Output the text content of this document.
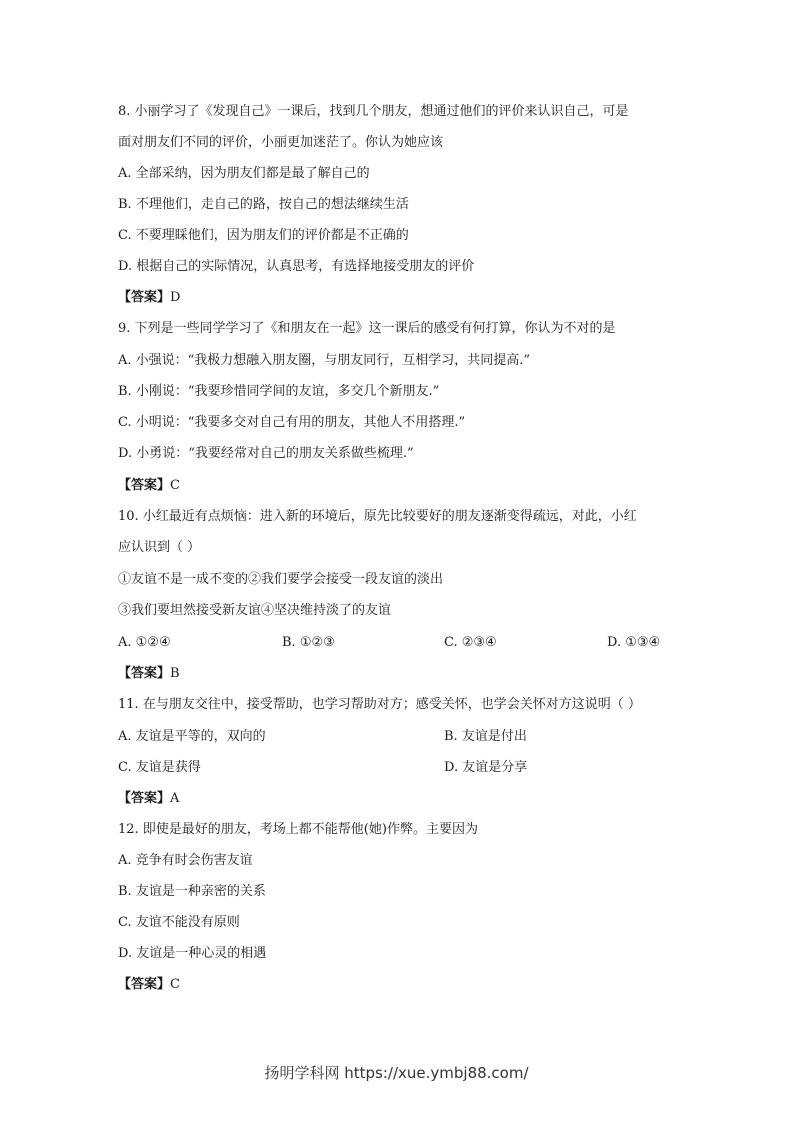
8. 小丽学习了《发现自己》一课后，找到几个朋友，想通过他们的评价来认识自己，可是
面对朋友们不同的评价，小丽更加迷茫了。你认为她应该
A. 全部采纳，因为朋友们都是最了解自己的
B. 不理他们，走自己的路，按自己的想法继续生活
C. 不要理睬他们，因为朋友们的评价都是不正确的
D. 根据自己的实际情况，认真思考，有选择地接受朋友的评价
【答案】D
9. 下列是一些同学学习了《和朋友在一起》这一课后的感受有何打算，你认为不对的是
A. 小强说：“我极力想融入朋友圈，与朋友同行，互相学习，共同提高.”
B. 小刚说：“我要珍惜同学间的友谊，多交几个新朋友.”
C. 小明说：“我要多交对自己有用的朋友，其他人不用搭理.”
D. 小勇说：“我要经常对自己的朋友关系做些梳理.”
【答案】C
10. 小红最近有点烦恼：进入新的环境后，原先比较要好的朋友逐渐变得疏远，对此，小红
应认识到（ ）
①友谊不是一成不变的②我们要学会接受一段友谊的淡出
③我们要坦然接受新友谊④坚决维持淡了的友谊
A. ①②④	B. ①②③	C. ②③④	D. ①③④
【答案】B
11. 在与朋友交往中，接受帮助，也学习帮助对方；感受关怀，也学会关怀对方这说明（ ）
A. 友谊是平等的，双向的	B. 友谊是付出
C. 友谊是获得	D. 友谊是分享
【答案】A
12. 即使是最好的朋友，考场上都不能帮他(她)作弊。主要因为
A. 竞争有时会伤害友谊
B. 友谊是一种亲密的关系
C. 友谊不能没有原则
D. 友谊是一种心灵的相遇
【答案】C
扬明学科网 https://xue.ymbj88.com/
